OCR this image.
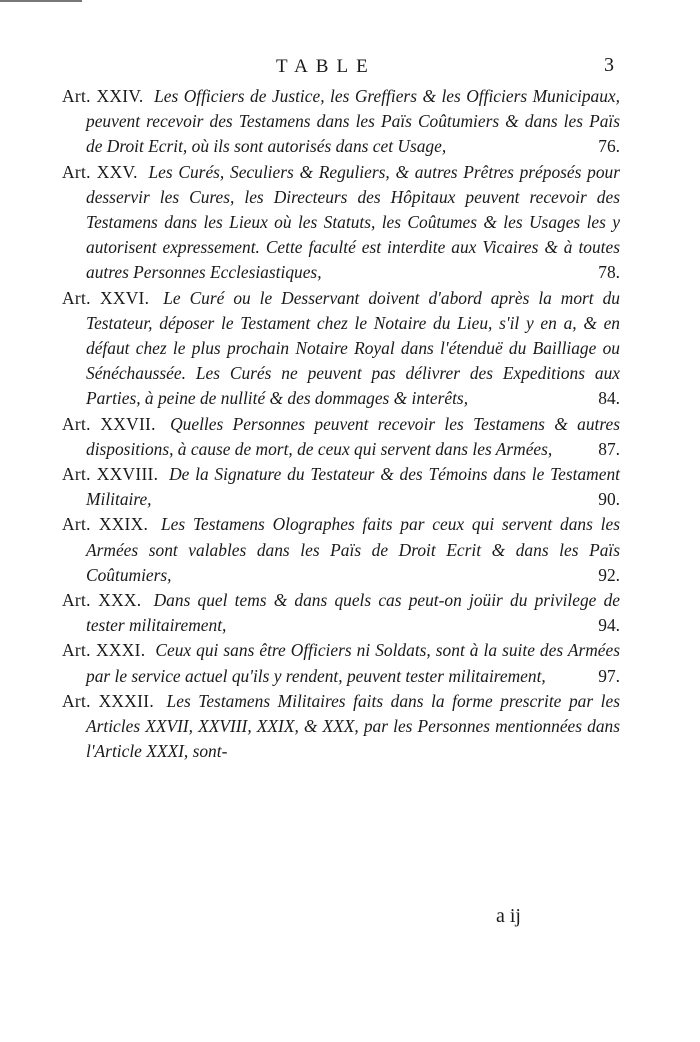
TABLE	3
Art. XXIV. Les Officiers de Justice, les Greffiers & les Officiers Municipaux, peuvent recevoir des Testamens dans les Païs Coûtumiers & dans les Païs de Droit Ecrit, où ils sont autorisés dans cet Usage,	76.
Art. XXV. Les Curés, Seculiers & Reguliers, & autres Prêtres préposés pour desservir les Cures, les Directeurs des Hôpitaux peuvent recevoir des Testamens dans les Lieux où les Statuts, les Coûtumes & les Usages les y autorisent expressement. Cette faculté est interdite aux Vicaires & à toutes autres Personnes Ecclesiastiques,	78.
Art. XXVI. Le Curé ou le Desservant doivent d'abord après la mort du Testateur, déposer le Testament chez le Notaire du Lieu, s'il y en a, & en défaut chez le plus prochain Notaire Royal dans l'étenduë du Bailliage ou Sénéchaussée. Les Curés ne peuvent pas délivrer des Expeditions aux Parties, à peine de nullité & des dommages & interêts,	84.
Art. XXVII. Quelles Personnes peuvent recevoir les Testamens & autres dispositions, à cause de mort, de ceux qui servent dans les Armées,	87.
Art. XXVIII. De la Signature du Testateur & des Témoins dans le Testament Militaire,	90.
Art. XXIX. Les Testamens Olographes faits par ceux qui servent dans les Armées sont valables dans les Païs de Droit Ecrit & dans les Païs Coûtumiers,	92.
Art. XXX. Dans quel tems & dans quels cas peut-on joüir du privilege de tester militairement,	94.
Art. XXXI. Ceux qui sans être Officiers ni Soldats, sont à la suite des Armées par le service actuel qu'ils y rendent, peuvent tester militairement,	97.
Art. XXXII. Les Testamens Militaires faits dans la forme prescrite par les Articles XXVII, XXVIII, XXIX, & XXX, par les Personnes mentionnées dans l'Article XXXI, sont-
a ij
